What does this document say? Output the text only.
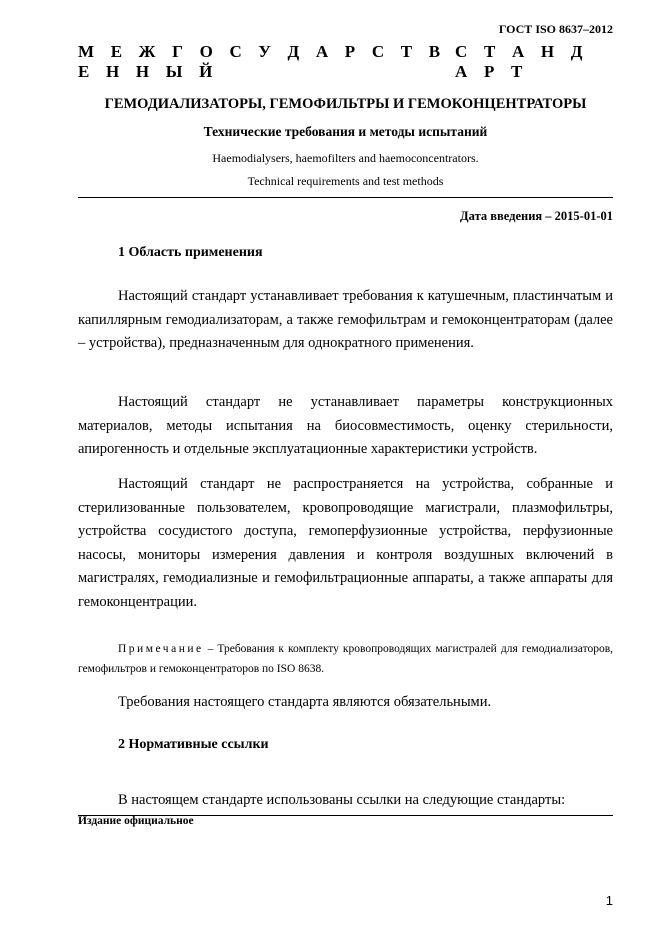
ГОСТ ISO 8637–2012
М Е Ж Г О С У Д А Р С Т В Е Н Н Ы Й
С Т А Н Д А Р Т
ГЕМОДИАЛИЗАТОРЫ, ГЕМОФИЛЬТРЫ И ГЕМОКОНЦЕНТРАТОРЫ
Технические требования и методы испытаний
Haemodialysers, haemofilters and haemoconcentrators.
Technical requirements and test methods
Дата введения – 2015-01-01
1 Область применения

Настоящий стандарт устанавливает требования к катушечным, пластинчатым и капиллярным гемодиализаторам, а также гемофильтрам и гемоконцентраторам (далее – устройства), предназначенным для однократного применения.

Настоящий стандарт не устанавливает параметры конструкционных материалов, методы испытания на биосовместимость, оценку стерильности, апирогенность и отдельные эксплуатационные характеристики устройств.

Настоящий стандарт не распространяется на устройства, собранные и стерилизованные пользователем, кровопроводящие магистрали, плазмофильтры, устройства сосудистого доступа, гемоперфузионные устройства, перфузионные насосы, мониторы измерения давления и контроля воздушных включений в магистралях, гемодиализные и гемофильтрационные аппараты, а также аппараты для гемоконцентрации.

Примечание – Требования к комплекту кровопроводящих магистралей для гемодиализаторов, гемофильтров и гемоконцентраторов по ISO 8638.

Требования настоящего стандарта являются обязательными.

2 Нормативные ссылки

В настоящем стандарте использованы ссылки на следующие стандарты:

Издание официальное
1
